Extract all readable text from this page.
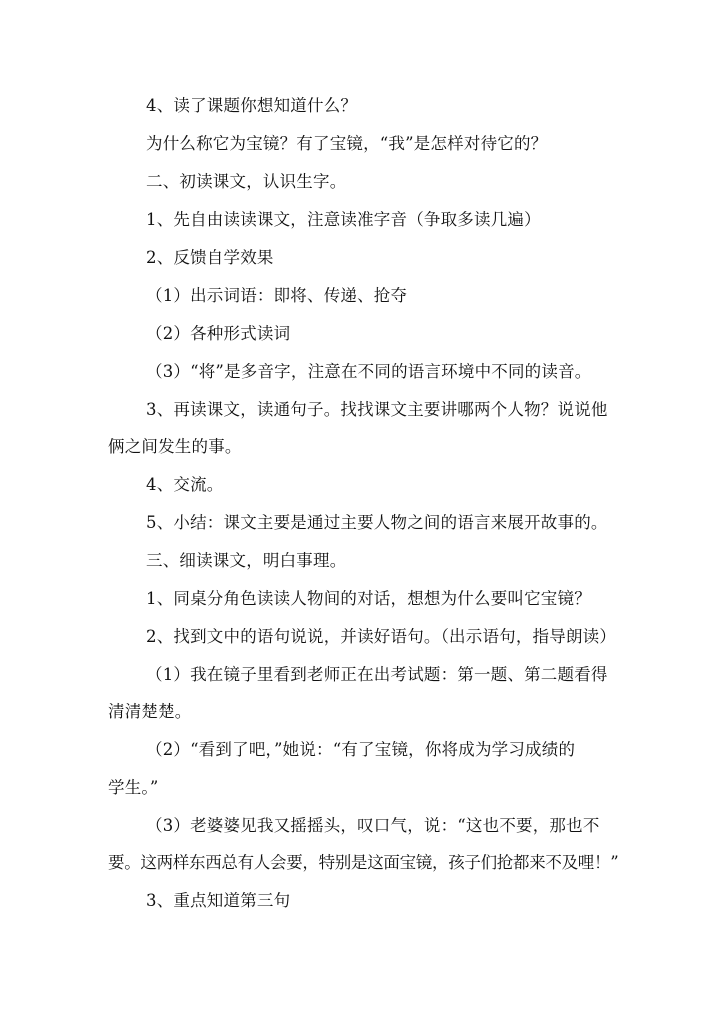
4、读了课题你想知道什么？
为什么称它为宝镜？有了宝镜，“我”是怎样对待它的？
二、初读课文，认识生字。
1、先自由读读课文，注意读准字音（争取多读几遍）
2、反馈自学效果
（1）出示词语：即将、传递、抢夺
（2）各种形式读词
（3）“将”是多音字，注意在不同的语言环境中不同的读音。
3、再读课文，读通句子。找找课文主要讲哪两个人物？说说他
俩之间发生的事。
4、交流。
5、小结：课文主要是通过主要人物之间的语言来展开故事的。
三、细读课文，明白事理。
1、同桌分角色读读人物间的对话，想想为什么要叫它宝镜？
2、找到文中的语句说说，并读好语句。（出示语句，指导朗读）
（1）我在镜子里看到老师正在出考试题：第一题、第二题看得
清清楚楚。
（2）“看到了吧，”她说：“有了宝镜，你将成为学习成绩的
学生。”
（3）老婆婆见我又摇摇头，叹口气，说：“这也不要，那也不
要。这两样东西总有人会要，特别是这面宝镜，孩子们抢都来不及哩！”
3、重点知道第三句
